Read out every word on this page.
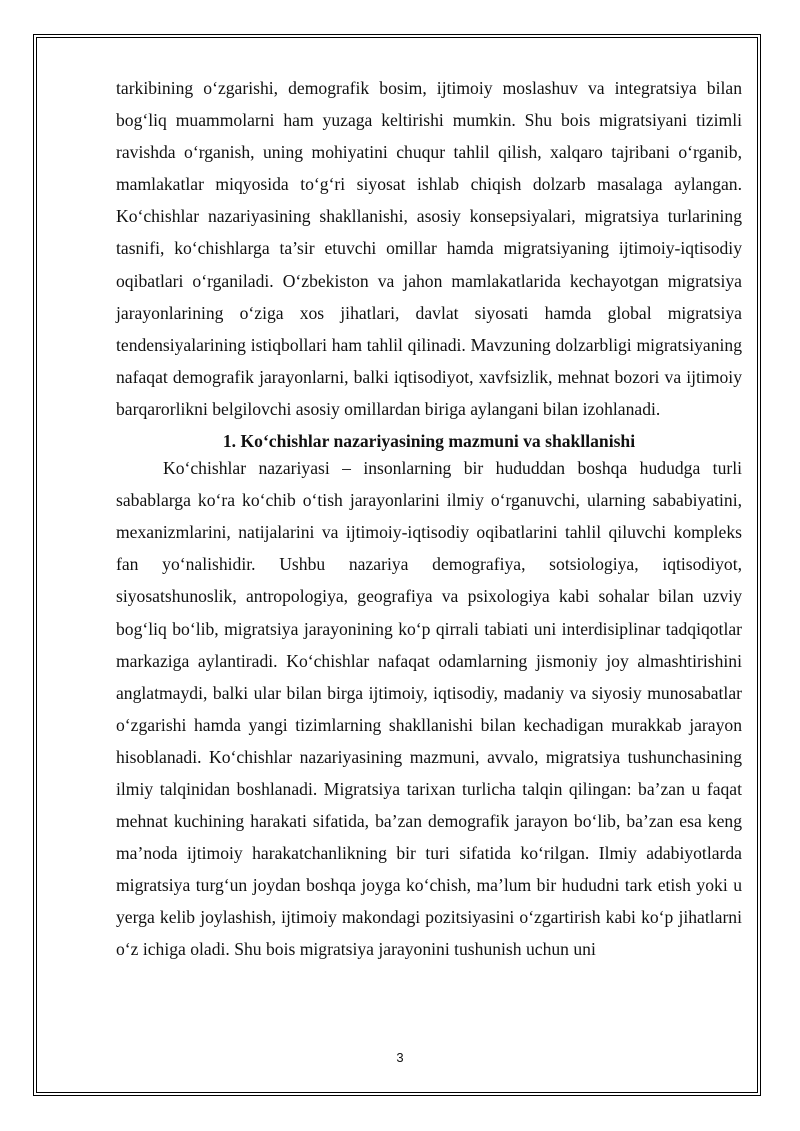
tarkibining o‘zgarishi, demografik bosim, ijtimoiy moslashuv va integratsiya bilan bog‘liq muammolarni ham yuzaga keltirishi mumkin. Shu bois migratsiyani tizimli ravishda o‘rganish, uning mohiyatini chuqur tahlil qilish, xalqaro tajribani o‘rganib, mamlakatlar miqyosida to‘g‘ri siyosat ishlab chiqish dolzarb masalaga aylangan. Ko‘chishlar nazariyasining shakllanishi, asosiy konsepsiyalari, migratsiya turlarining tasnifi, ko‘chishlarga ta’sir etuvchi omillar hamda migratsiyaning ijtimoiy-iqtisodiy oqibatlari o‘rganiladi. O‘zbekiston va jahon mamlakatlarida kechayotgan migratsiya jarayonlarining o‘ziga xos jihatlari, davlat siyosati hamda global migratsiya tendensiyalarining istiqbollari ham tahlil qilinadi. Mavzuning dolzarbligi migratsiyaning nafaqat demografik jarayonlarni, balki iqtisodiyot, xavfsizlik, mehnat bozori va ijtimoiy barqarorlikni belgilovchi asosiy omillardan biriga aylangani bilan izohlanadi.

1. Ko‘chishlar nazariyasining mazmuni va shakllanishi

Ko‘chishlar nazariyasi – insonlarning bir hududdan boshqa hududga turli sabablarga ko‘ra ko‘chib o‘tish jarayonlarini ilmiy o‘rganuvchi, ularning sababiyatini, mexanizmlarini, natijalarini va ijtimoiy-iqtisodiy oqibatlarini tahlil qiluvchi kompleks fan yo‘nalishidir. Ushbu nazariya demografiya, sotsiologiya, iqtisodiyot, siyosatshunoslik, antropologiya, geografiya va psixologiya kabi sohalar bilan uzviy bog‘liq bo‘lib, migratsiya jarayonining ko‘p qirrali tabiati uni interdisiplinar tadqiqotlar markaziga aylantiradi. Ko‘chishlar nafaqat odamlarning jismoniy joy almashtirishini anglatmaydi, balki ular bilan birga ijtimoiy, iqtisodiy, madaniy va siyosiy munosabatlar o‘zgarishi hamda yangi tizimlarning shakllanishi bilan kechadigan murakkab jarayon hisoblanadi. Ko‘chishlar nazariyasining mazmuni, avvalo, migratsiya tushunchasining ilmiy talqinidan boshlanadi. Migratsiya tarixan turlicha talqin qilingan: ba’zan u faqat mehnat kuchining harakati sifatida, ba’zan demografik jarayon bo‘lib, ba’zan esa keng ma’noda ijtimoiy harakatchanlikning bir turi sifatida ko‘rilgan. Ilmiy adabiyotlarda migratsiya turg‘un joydan boshqa joyga ko‘chish, ma’lum bir hududni tark etish yoki u yerga kelib joylashish, ijtimoiy makondagi pozitsiyasini o‘zgartirish kabi ko‘p jihatlarni o‘z ichiga oladi. Shu bois migratsiya jarayonini tushunish uchun uni

3
